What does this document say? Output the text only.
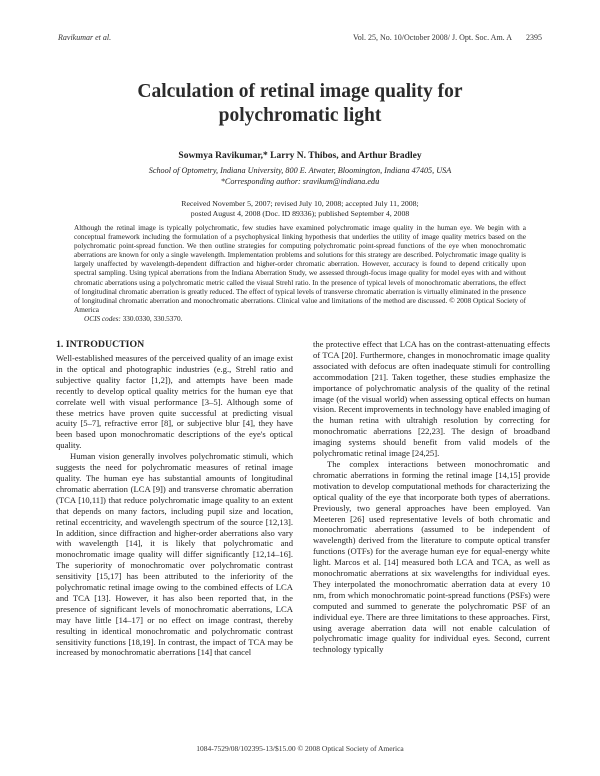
Ravikumar et al.	Vol. 25, No. 10/October 2008/ J. Opt. Soc. Am. A 2395
Calculation of retinal image quality for
polychromatic light
Sowmya Ravikumar,* Larry N. Thibos, and Arthur Bradley
School of Optometry, Indiana University, 800 E. Atwater, Bloomington, Indiana 47405, USA
*Corresponding author: sravikum@indiana.edu
Received November 5, 2007; revised July 10, 2008; accepted July 11, 2008;
posted August 4, 2008 (Doc. ID 89336); published September 4, 2008

Although the retinal image is typically polychromatic, few studies have examined polychromatic image quality in the human eye. We begin with a conceptual framework including the formulation of a psychophysical linking hypothesis that underlies the utility of image quality metrics based on the polychromatic point-spread function. We then outline strategies for computing polychromatic point-spread functions of the eye when monochromatic aberrations are known for only a single wavelength. Implementation problems and solutions for this strategy are described. Polychromatic image quality is largely unaffected by wavelength-dependent diffraction and higher-order chromatic aberration. However, accuracy is found to depend critically upon spectral sampling. Using typical aberrations from the Indiana Aberration Study, we assessed through-focus image quality for model eyes with and without chromatic aberrations using a polychromatic metric called the visual Strehl ratio. In the presence of typical levels of monochromatic aberrations, the effect of longitudinal chromatic aberration is greatly reduced. The effect of typical levels of transverse chromatic aberration is virtually eliminated in the presence of longitudinal chromatic aberration and monochromatic aberrations. Clinical value and limitations of the method are discussed. © 2008 Optical Society of America

OCIS codes: 330.0330, 330.5370.

1. INTRODUCTION

Well-established measures of the perceived quality of an image exist in the optical and photographic industries (e.g., Strehl ratio and subjective quality factor [1,2]), and attempts have been made recently to develop optical quality metrics for the human eye that correlate well with visual performance [3–5]. Although some of these metrics have proven quite successful at predicting visual acuity [5–7], refractive error [8], or subjective blur [4], they have been based upon monochromatic descriptions of the eye's optical quality.

Human vision generally involves polychromatic stimuli, which suggests the need for polychromatic measures of retinal image quality. The human eye has substantial amounts of longitudinal chromatic aberration (LCA [9]) and transverse chromatic aberration (TCA [10,11]) that reduce polychromatic image quality to an extent that depends on many factors, including pupil size and location, retinal eccentricity, and wavelength spectrum of the source [12,13]. In addition, since diffraction and higher-order aberrations also vary with wavelength [14], it is likely that polychromatic and monochromatic image quality will differ significantly [12,14–16]. The superiority of monochromatic over polychromatic contrast sensitivity [15,17] has been attributed to the inferiority of the polychromatic retinal image owing to the combined effects of LCA and TCA [13]. However, it has also been reported that, in the presence of significant levels of monochromatic aberrations, LCA may have little [14–17] or no effect on image contrast, thereby resulting in identical monochromatic and polychromatic contrast sensitivity functions [18,19]. In contrast, the impact of TCA may be increased by monochromatic aberrations [14] that cancel

the protective effect that LCA has on the contrast-attenuating effects of TCA [20]. Furthermore, changes in monochromatic image quality associated with defocus are often inadequate stimuli for controlling accommodation [21]. Taken together, these studies emphasize the importance of polychromatic analysis of the quality of the retinal image (of the visual world) when assessing optical effects on human vision. Recent improvements in technology have enabled imaging of the human retina with ultrahigh resolution by correcting for monochromatic aberrations [22,23]. The design of broadband imaging systems should benefit from valid models of the polychromatic retinal image [24,25].

The complex interactions between monochromatic and chromatic aberrations in forming the retinal image [14,15] provide motivation to develop computational methods for characterizing the optical quality of the eye that incorporate both types of aberrations. Previously, two general approaches have been employed. Van Meeteren [26] used representative levels of both chromatic and monochromatic aberrations (assumed to be independent of wavelength) derived from the literature to compute optical transfer functions (OTFs) for the average human eye for equal-energy white light. Marcos et al. [14] measured both LCA and TCA, as well as monochromatic aberrations at six wavelengths for individual eyes. They interpolated the monochromatic aberration data at every 10 nm, from which monochromatic point-spread functions (PSFs) were computed and summed to generate the polychromatic PSF of an individual eye. There are three limitations to these approaches. First, using average aberration data will not enable calculation of polychromatic image quality for individual eyes. Second, current technology typically

1084-7529/08/102395-13/$15.00 © 2008 Optical Society of America
